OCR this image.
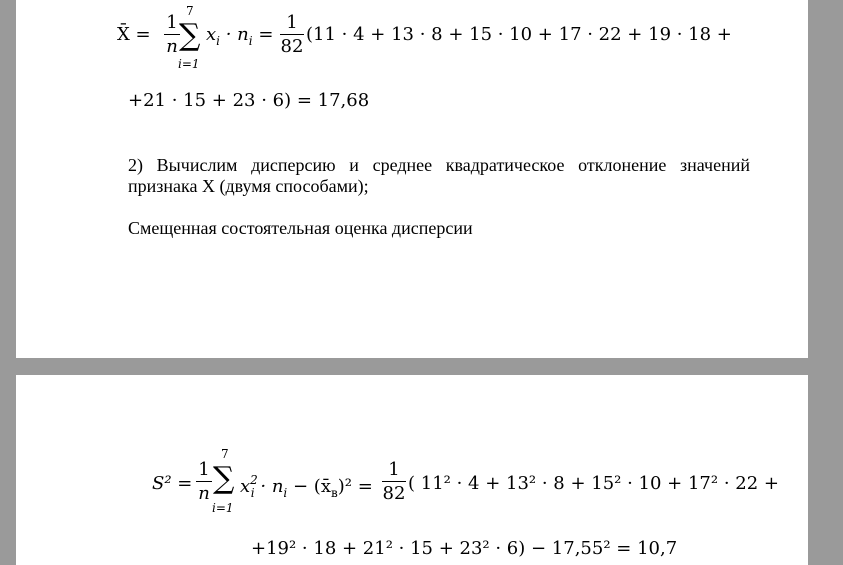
X̄ =
1
n
7
∑
i=1
$x_i \cdot n_i$ =
1
82
(11 · 4 + 13 · 8 + 15 · 10 + 17 · 22 + 19 · 18 +
+21 · 15 + 23 · 6) = 17,68
2) Вычислим дисперсию и среднее квадратическое отклонение значений
признака Х (двумя способами);
Смещенная состоятельная оценка дисперсии
S² =
1
n
7
∑
i=1
$x^2_i \cdot n_i$ − $(x̄_в)^2$ =
1
82 ( 11² · 4 + 13² · 8 + 15² · 10 + 17² · 22 +
+19² · 18 + 21² · 15 + 23² · 6) − 17,55² = 10,7
